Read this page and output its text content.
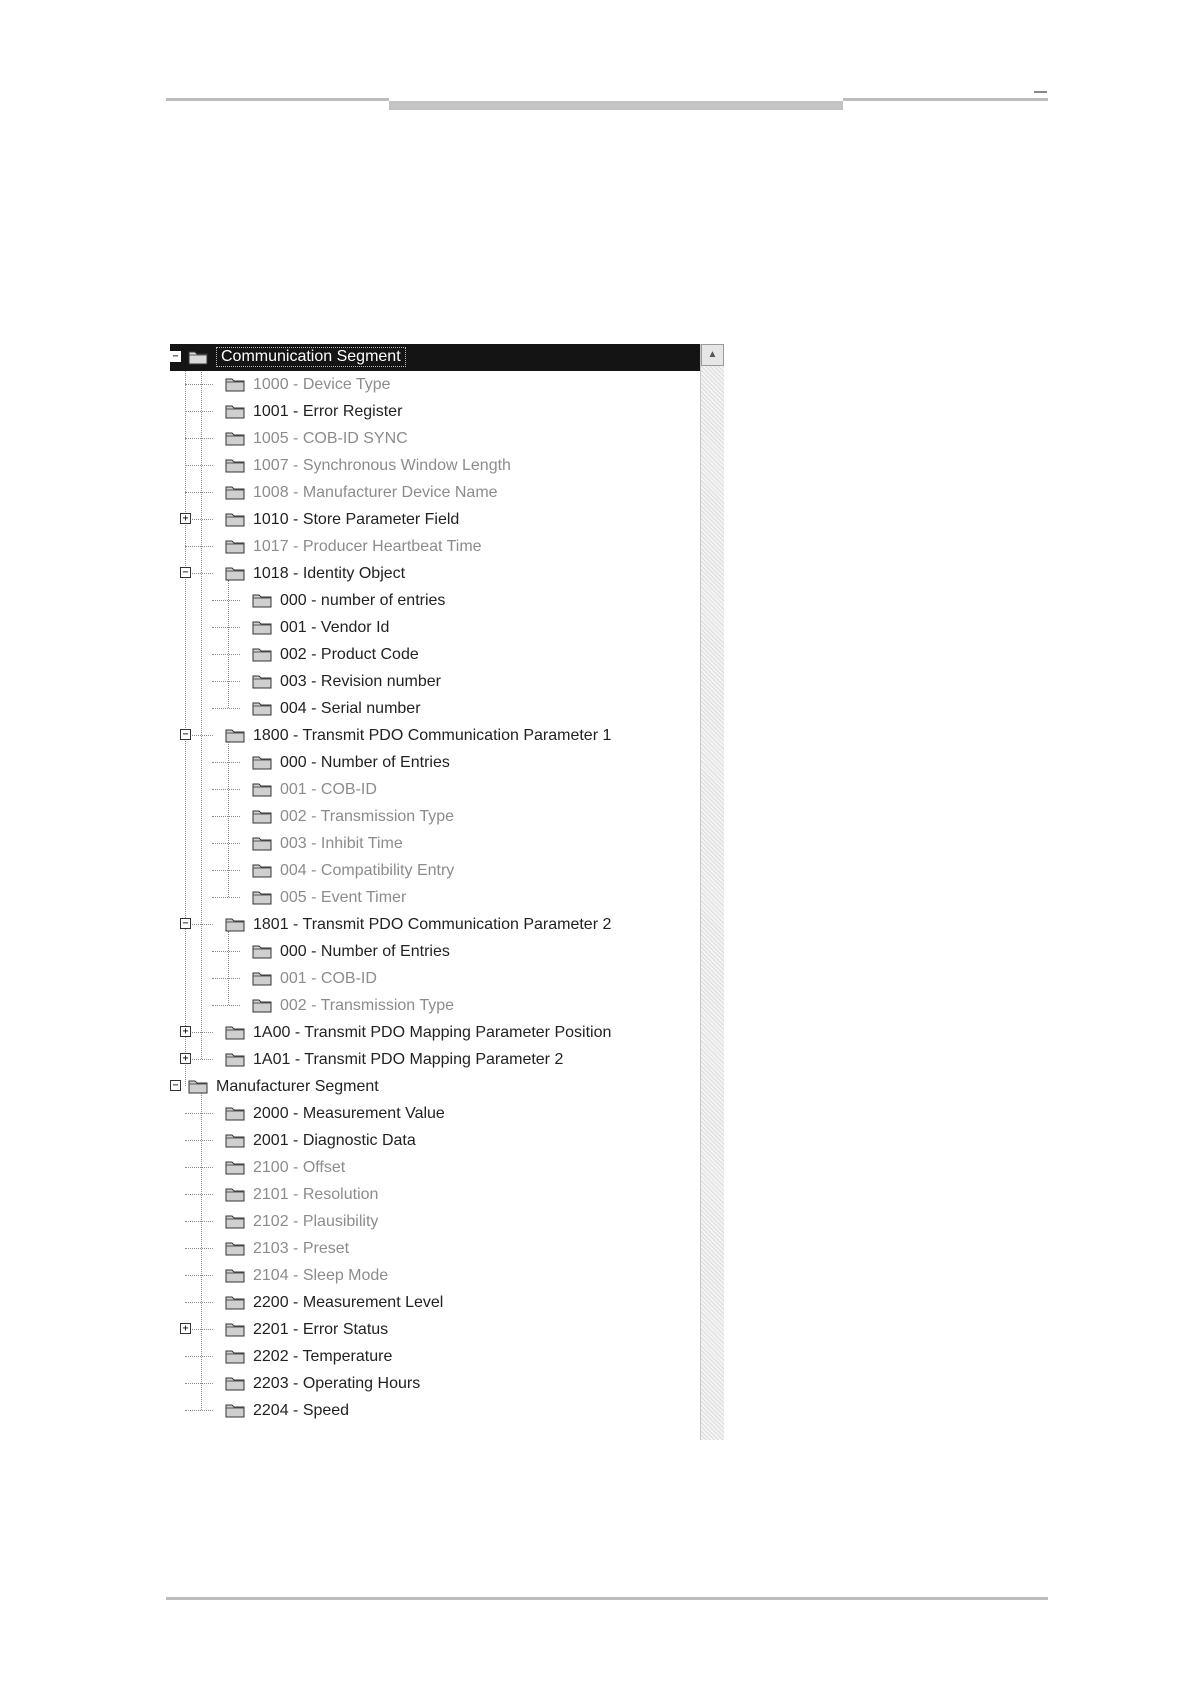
−	Communication Segment
1000 - Device Type
1001 - Error Register
1005 - COB-ID SYNC
1007 - Synchronous Window Length
1008 - Manufacturer Device Name
+	1010 - Store Parameter Field
1017 - Producer Heartbeat Time
−	1018 - Identity Object
000 - number of entries
001 - Vendor Id
002 - Product Code
003 - Revision number
004 - Serial number
−	1800 - Transmit PDO Communication Parameter 1
000 - Number of Entries
001 - COB-ID
002 - Transmission Type
003 - Inhibit Time
004 - Compatibility Entry
005 - Event Timer
−	1801 - Transmit PDO Communication Parameter 2
000 - Number of Entries
001 - COB-ID
002 - Transmission Type
+	1A00 - Transmit PDO Mapping Parameter Position
+	1A01 - Transmit PDO Mapping Parameter 2
− Manufacturer Segment
2000 - Measurement Value
2001 - Diagnostic Data
2100 - Offset
2101 - Resolution
2102 - Plausibility
2103 - Preset
2104 - Sleep Mode
2200 - Measurement Level
+	2201 - Error Status
2202 - Temperature
2203 - Operating Hours
2204 - Speed
▲
